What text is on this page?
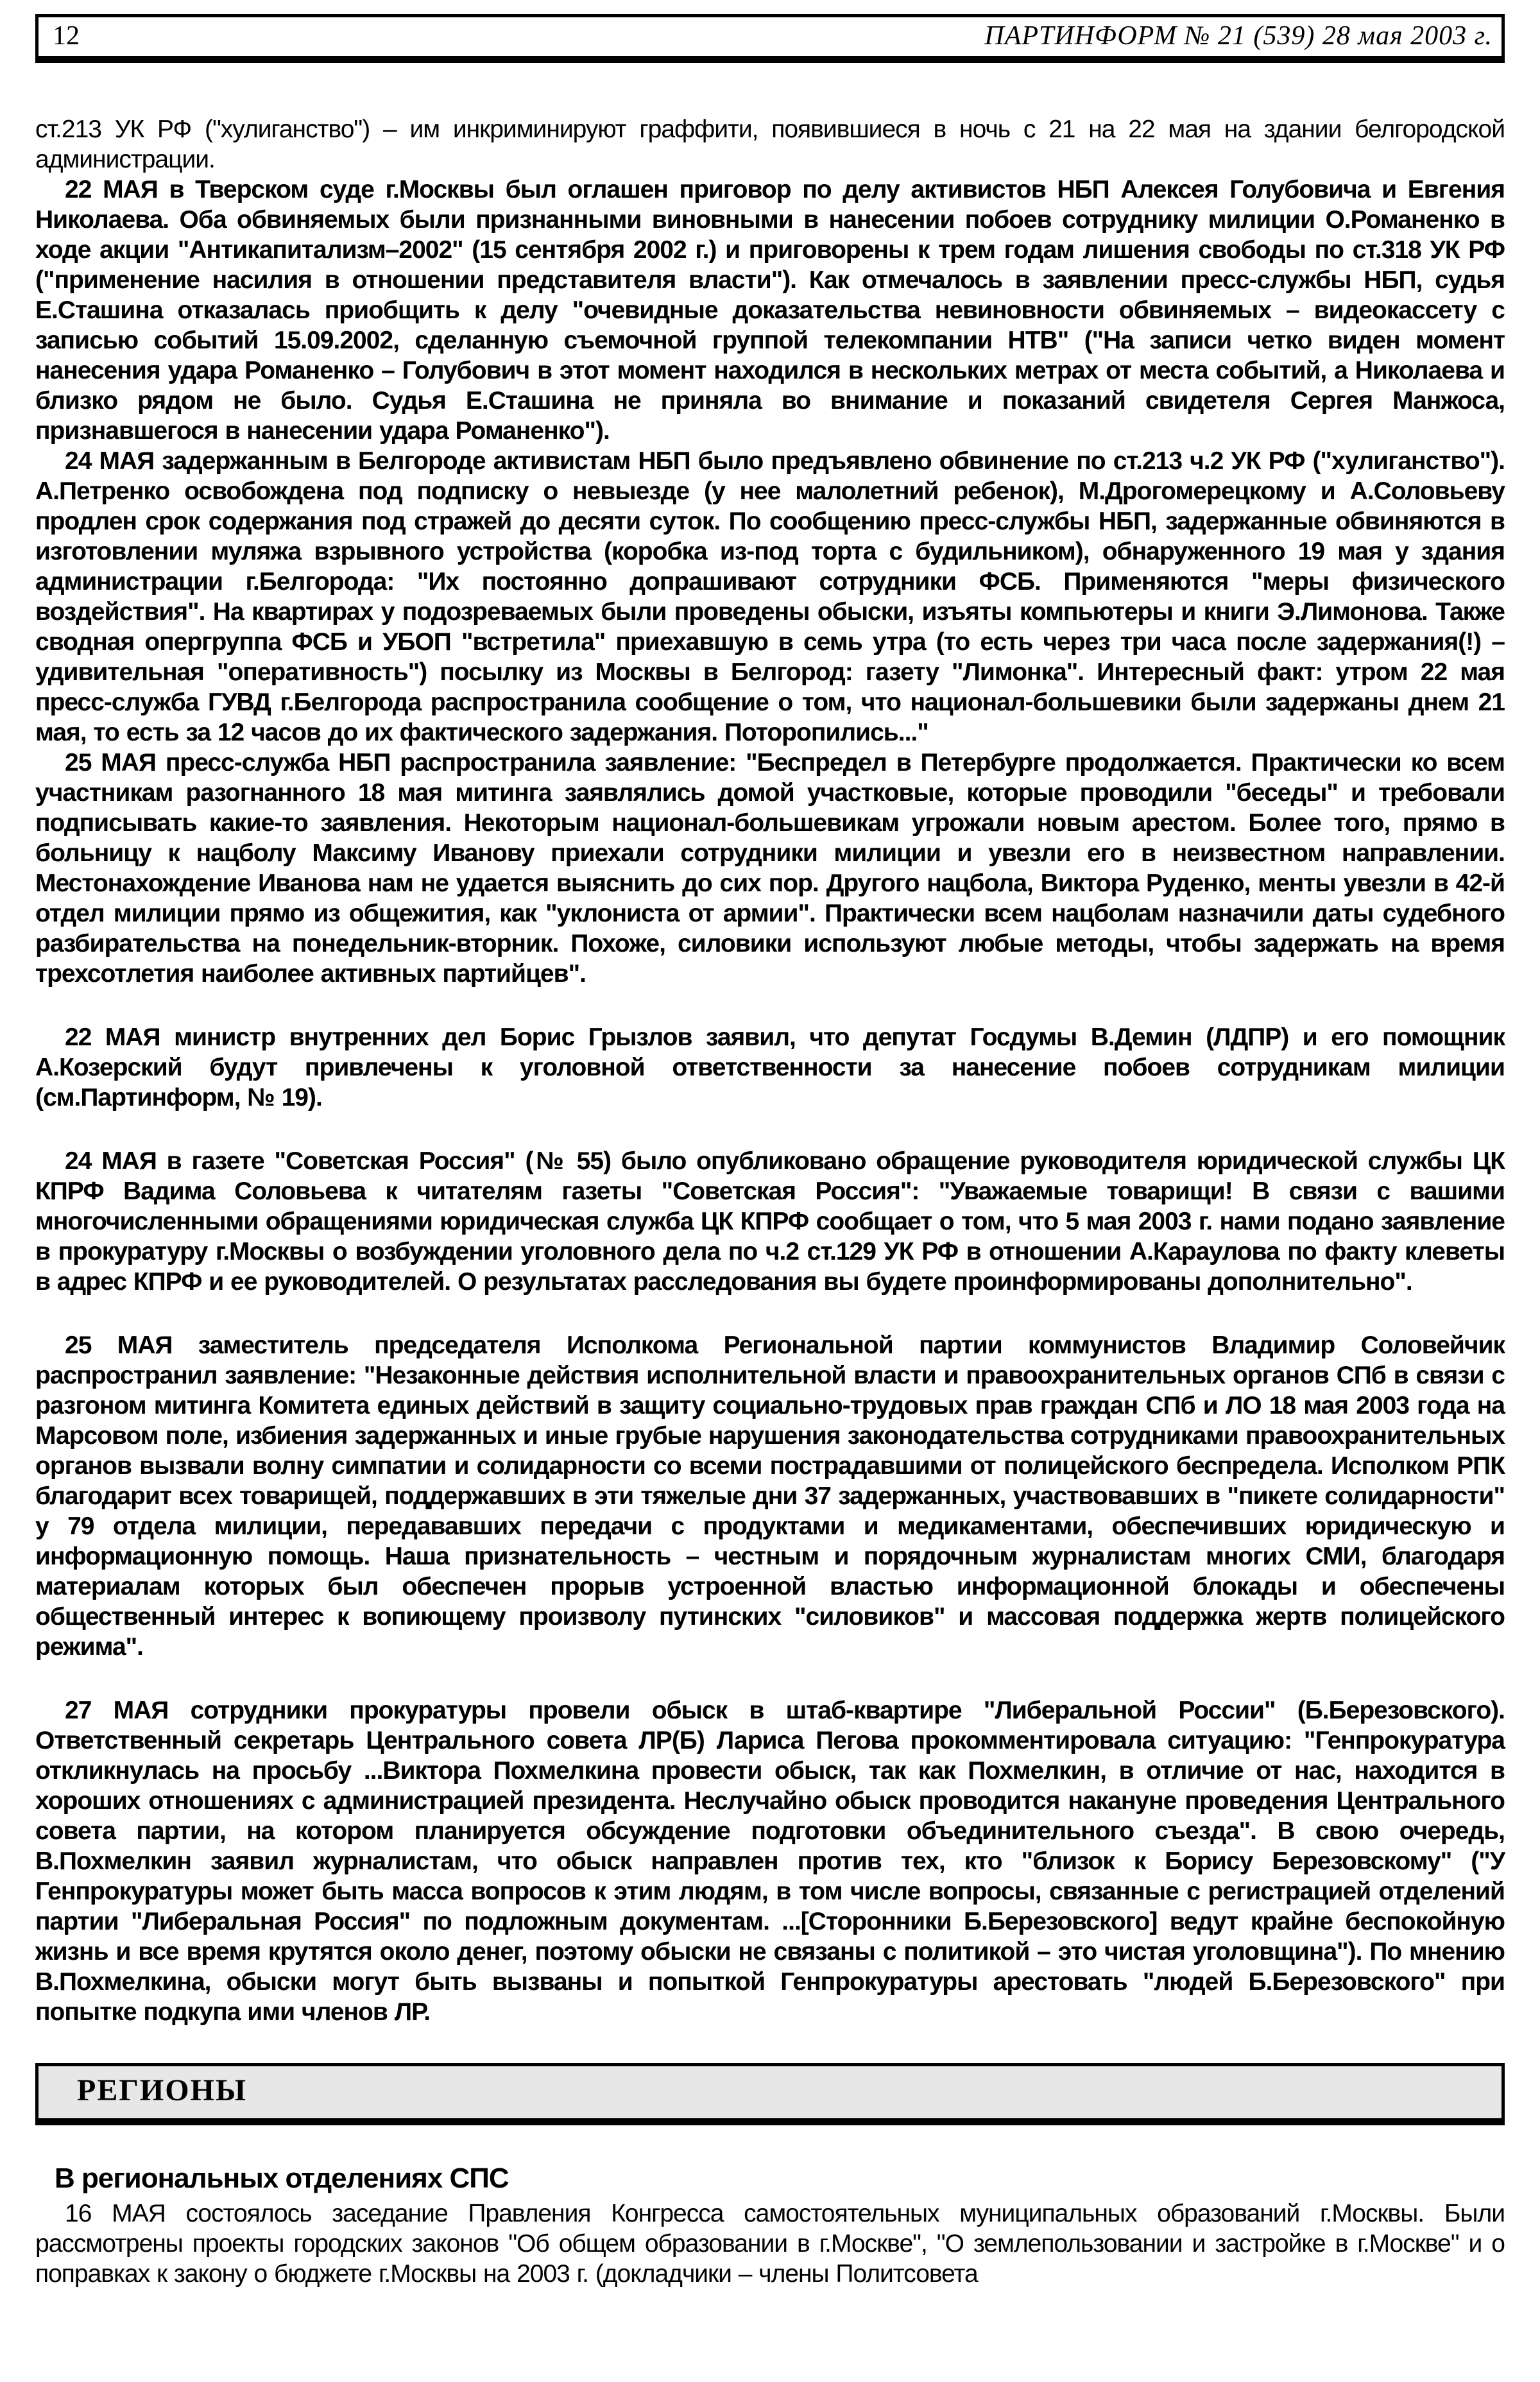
12	ПАРТИНФОРМ № 21 (539) 28 мая 2003 г.

ст.213 УК РФ ("хулиганство") – им инкриминируют граффити, появившиеся в ночь с 21 на 22 мая на здании белгородской администрации.

22 МАЯ в Тверском суде г.Москвы был оглашен приговор по делу активистов НБП Алексея Голубовича и Евгения Николаева. Оба обвиняемых были признанными виновными в нанесении побоев сотруднику милиции О.Романенко в ходе акции "Антикапитализм–2002" (15 сентября 2002 г.) и приговорены к трем годам лишения свободы по ст.318 УК РФ ("применение насилия в отношении представителя власти"). Как отмечалось в заявлении пресс-службы НБП, судья Е.Сташина отказалась приобщить к делу "очевидные доказательства невиновности обвиняемых – видеокассету с записью событий 15.09.2002, сделанную съемочной группой телекомпании НТВ" ("На записи четко виден момент нанесения удара Романенко – Голубович в этот момент находился в нескольких метрах от места событий, а Николаева и близко рядом не было. Судья Е.Сташина не приняла во внимание и показаний свидетеля Сергея Манжоса, признавшегося в нанесении удара Романенко").

24 МАЯ задержанным в Белгороде активистам НБП было предъявлено обвинение по ст.213 ч.2 УК РФ ("хулиганство"). А.Петренко освобождена под подписку о невыезде (у нее малолетний ребенок), М.Дрогомерецкому и А.Соловьеву продлен срок содержания под стражей до десяти суток. По сообщению пресс-службы НБП, задержанные обвиняются в изготовлении муляжа взрывного устройства (коробка из-под торта с будильником), обнаруженного 19 мая у здания администрации г.Белгорода: "Их постоянно допрашивают сотрудники ФСБ. Применяются "меры физического воздействия". На квартирах у подозреваемых были проведены обыски, изъяты компьютеры и книги Э.Лимонова. Также сводная опергруппа ФСБ и УБОП "встретила" приехавшую в семь утра (то есть через три часа после задержания(!) – удивительная "оперативность") посылку из Москвы в Белгород: газету "Лимонка". Интересный факт: утром 22 мая пресс-служба ГУВД г.Белгорода распространила сообщение о том, что национал-большевики были задержаны днем 21 мая, то есть за 12 часов до их фактического задержания. Поторопились..."

25 МАЯ пресс-служба НБП распространила заявление: "Беспредел в Петербурге продолжается. Практически ко всем участникам разогнанного 18 мая митинга заявлялись домой участковые, которые проводили "беседы" и требовали подписывать какие-то заявления. Некоторым национал-большевикам угрожали новым арестом. Более того, прямо в больницу к нацболу Максиму Иванову приехали сотрудники милиции и увезли его в неизвестном направлении. Местонахождение Иванова нам не удается выяснить до сих пор. Другого нацбола, Виктора Руденко, менты увезли в 42-й отдел милиции прямо из общежития, как "уклониста от армии". Практически всем нацболам назначили даты судебного разбирательства на понедельник-вторник. Похоже, силовики используют любые методы, чтобы задержать на время трехсотлетия наиболее активных партийцев".

22 МАЯ министр внутренних дел Борис Грызлов заявил, что депутат Госдумы В.Демин (ЛДПР) и его помощник А.Козерский будут привлечены к уголовной ответственности за нанесение побоев сотрудникам милиции (см.Партинформ, № 19).

24 МАЯ в газете "Советская Россия" (№ 55) было опубликовано обращение руководителя юридической службы ЦК КПРФ Вадима Соловьева к читателям газеты "Советская Россия": "Уважаемые товарищи! В связи с вашими многочисленными обращениями юридическая служба ЦК КПРФ сообщает о том, что 5 мая 2003 г. нами подано заявление в прокуратуру г.Москвы о возбуждении уголовного дела по ч.2 ст.129 УК РФ в отношении А.Караулова по факту клеветы в адрес КПРФ и ее руководителей. О результатах расследования вы будете проинформированы дополнительно".

25 МАЯ заместитель председателя Исполкома Региональной партии коммунистов Владимир Соловейчик распространил заявление: "Незаконные действия исполнительной власти и правоохранительных органов СПб в связи с разгоном митинга Комитета единых действий в защиту социально-трудовых прав граждан СПб и ЛО 18 мая 2003 года на Марсовом поле, избиения задержанных и иные грубые нарушения законодательства сотрудниками правоохранительных органов вызвали волну симпатии и солидарности со всеми пострадавшими от полицейского беспредела. Исполком РПК благодарит всех товарищей, поддержавших в эти тяжелые дни 37 задержанных, участвовавших в "пикете солидарности" у 79 отдела милиции, передававших передачи с продуктами и медикаментами, обеспечивших юридическую и информационную помощь. Наша признательность – честным и порядочным журналистам многих СМИ, благодаря материалам которых был обеспечен прорыв устроенной властью информационной блокады и обеспечены общественный интерес к вопиющему произволу путинских "силовиков" и массовая поддержка жертв полицейского режима".

27 МАЯ сотрудники прокуратуры провели обыск в штаб-квартире "Либеральной России" (Б.Березовского). Ответственный секретарь Центрального совета ЛР(Б) Лариса Пегова прокомментировала ситуацию: "Генпрокуратура откликнулась на просьбу ...Виктора Похмелкина провести обыск, так как Похмелкин, в отличие от нас, находится в хороших отношениях с администрацией президента. Неслучайно обыск проводится накануне проведения Центрального совета партии, на котором планируется обсуждение подготовки объединительного съезда". В свою очередь, В.Похмелкин заявил журналистам, что обыск направлен против тех, кто "близок к Борису Березовскому" ("У Генпрокуратуры может быть масса вопросов к этим людям, в том числе вопросы, связанные с регистрацией отделений партии "Либеральная Россия" по подложным документам. ...[Сторонники Б.Березовского] ведут крайне беспокойную жизнь и все время крутятся около денег, поэтому обыски не связаны с политикой – это чистая уголовщина"). По мнению В.Похмелкина, обыски могут быть вызваны и попыткой Генпрокуратуры арестовать "людей Б.Березовского" при попытке подкупа ими членов ЛР.

РЕГИОНЫ
В региональных отделениях СПС

16 МАЯ состоялось заседание Правления Конгресса самостоятельных муниципальных образований г.Москвы. Были рассмотрены проекты городских законов "Об общем образовании в г.Москве", "О землепользовании и застройке в г.Москве" и о поправках к закону о бюджете г.Москвы на 2003 г. (докладчики – члены Политсовета
